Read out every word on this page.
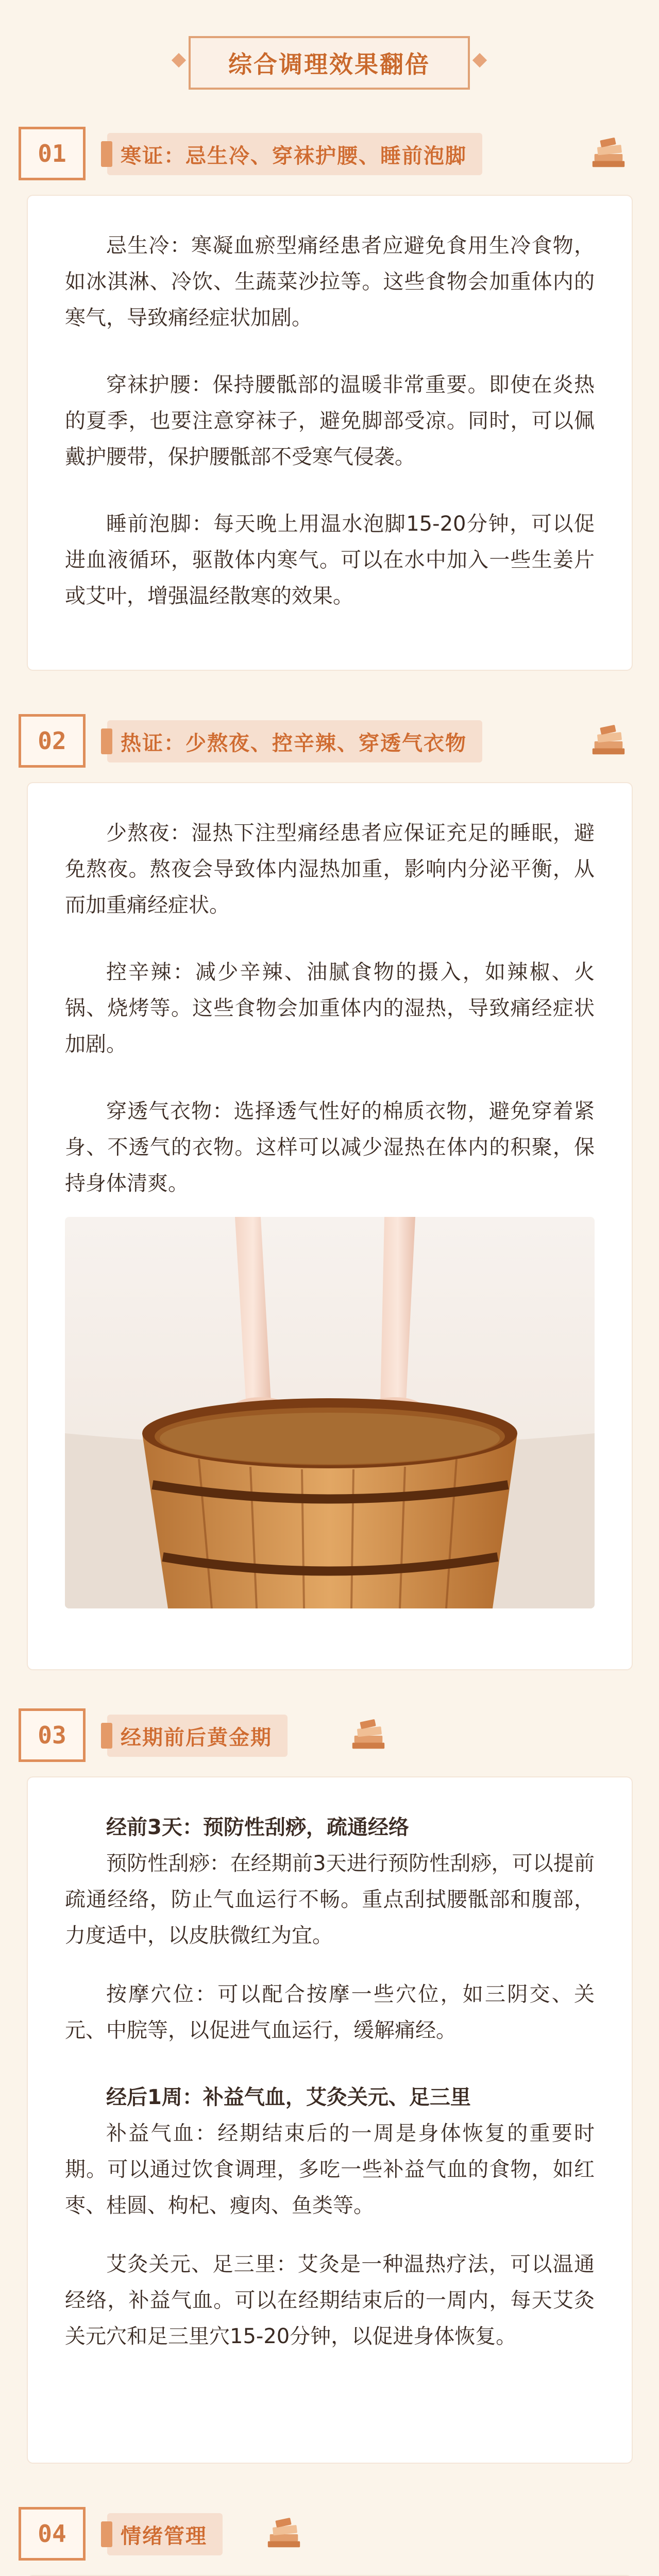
综合调理效果翻倍
01	寒证：忌生冷、穿袜护腰、睡前泡脚

忌生冷：寒凝血瘀型痛经患者应避免食用生冷食物，如冰淇淋、冷饮、生蔬菜沙拉等。这些食物会加重体内的寒气，导致痛经症状加剧。

穿袜护腰：保持腰骶部的温暖非常重要。即使在炎热的夏季，也要注意穿袜子，避免脚部受凉。同时，可以佩戴护腰带，保护腰骶部不受寒气侵袭。

睡前泡脚：每天晚上用温水泡脚15-20分钟，可以促进血液循环，驱散体内寒气。可以在水中加入一些生姜片或艾叶，增强温经散寒的效果。

02	热证：少熬夜、控辛辣、穿透气衣物

少熬夜：湿热下注型痛经患者应保证充足的睡眠，避免熬夜。熬夜会导致体内湿热加重，影响内分泌平衡，从而加重痛经症状。

控辛辣：减少辛辣、油腻食物的摄入，如辣椒、火锅、烧烤等。这些食物会加重体内的湿热，导致痛经症状加剧。

穿透气衣物：选择透气性好的棉质衣物，避免穿着紧身、不透气的衣物。这样可以减少湿热在体内的积聚，保持身体清爽。

03	经期前后黄金期

经前3天：预防性刮痧，疏通经络

预防性刮痧：在经期前3天进行预防性刮痧，可以提前疏通经络，防止气血运行不畅。重点刮拭腰骶部和腹部，力度适中，以皮肤微红为宜。

按摩穴位：可以配合按摩一些穴位，如三阴交、关元、中脘等，以促进气血运行，缓解痛经。

经后1周：补益气血，艾灸关元、足三里

补益气血：经期结束后的一周是身体恢复的重要时期。可以通过饮食调理，多吃一些补益气血的食物，如红枣、桂圆、枸杞、瘦肉、鱼类等。

艾灸关元、足三里：艾灸是一种温热疗法，可以温通经络，补益气血。可以在经期结束后的一周内，每天艾灸关元穴和足三里穴15-20分钟，以促进身体恢复。

04	情绪管理
